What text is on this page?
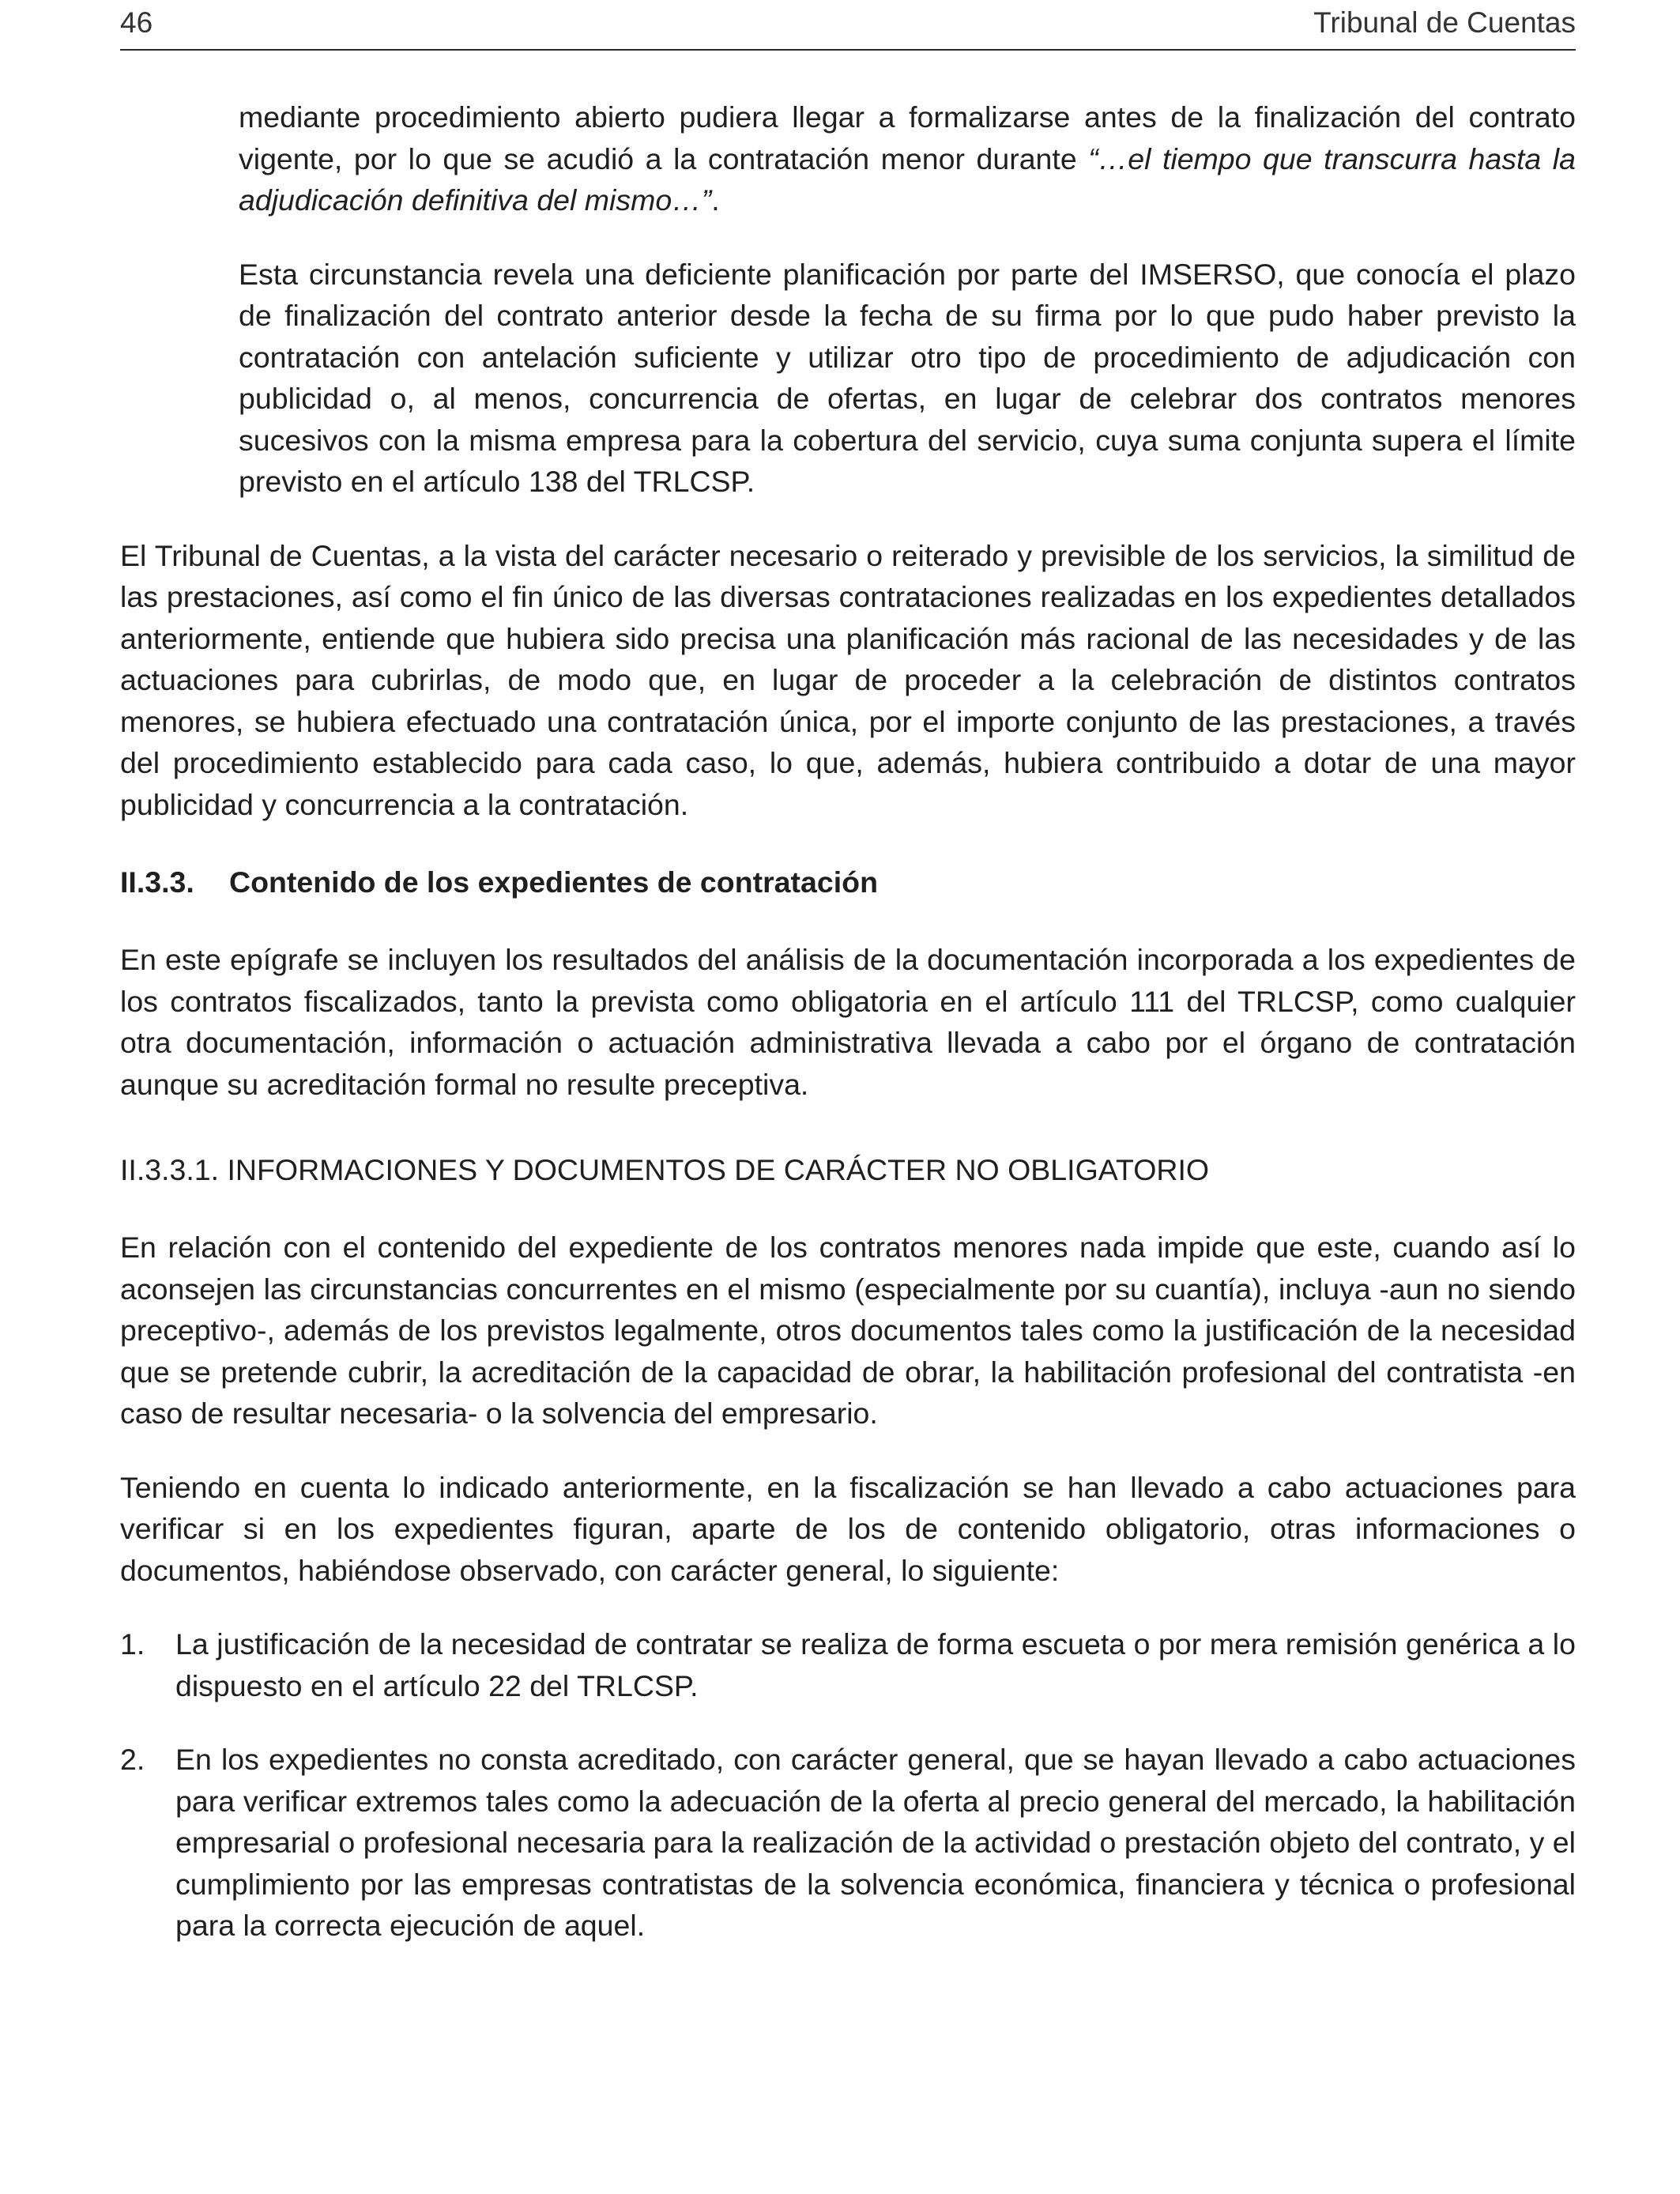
46	Tribunal de Cuentas

mediante procedimiento abierto pudiera llegar a formalizarse antes de la finalización del contrato vigente, por lo que se acudió a la contratación menor durante “…el tiempo que transcurra hasta la adjudicación definitiva del mismo…”.

Esta circunstancia revela una deficiente planificación por parte del IMSERSO, que conocía el plazo de finalización del contrato anterior desde la fecha de su firma por lo que pudo haber previsto la contratación con antelación suficiente y utilizar otro tipo de procedimiento de adjudicación con publicidad o, al menos, concurrencia de ofertas, en lugar de celebrar dos contratos menores sucesivos con la misma empresa para la cobertura del servicio, cuya suma conjunta supera el límite previsto en el artículo 138 del TRLCSP.

El Tribunal de Cuentas, a la vista del carácter necesario o reiterado y previsible de los servicios, la similitud de las prestaciones, así como el fin único de las diversas contrataciones realizadas en los expedientes detallados anteriormente, entiende que hubiera sido precisa una planificación más racional de las necesidades y de las actuaciones para cubrirlas, de modo que, en lugar de proceder a la celebración de distintos contratos menores, se hubiera efectuado una contratación única, por el importe conjunto de las prestaciones, a través del procedimiento establecido para cada caso, lo que, además, hubiera contribuido a dotar de una mayor publicidad y concurrencia a la contratación.

II.3.3. Contenido de los expedientes de contratación

En este epígrafe se incluyen los resultados del análisis de la documentación incorporada a los expedientes de los contratos fiscalizados, tanto la prevista como obligatoria en el artículo 111 del TRLCSP, como cualquier otra documentación, información o actuación administrativa llevada a cabo por el órgano de contratación aunque su acreditación formal no resulte preceptiva.

II.3.3.1. INFORMACIONES Y DOCUMENTOS DE CARÁCTER NO OBLIGATORIO

En relación con el contenido del expediente de los contratos menores nada impide que este, cuando así lo aconsejen las circunstancias concurrentes en el mismo (especialmente por su cuantía), incluya -aun no siendo preceptivo-, además de los previstos legalmente, otros documentos tales como la justificación de la necesidad que se pretende cubrir, la acreditación de la capacidad de obrar, la habilitación profesional del contratista -en caso de resultar necesaria- o la solvencia del empresario.

Teniendo en cuenta lo indicado anteriormente, en la fiscalización se han llevado a cabo actuaciones para verificar si en los expedientes figuran, aparte de los de contenido obligatorio, otras informaciones o documentos, habiéndose observado, con carácter general, lo siguiente:

1. La justificación de la necesidad de contratar se realiza de forma escueta o por mera remisión genérica a lo dispuesto en el artículo 22 del TRLCSP.

2. En los expedientes no consta acreditado, con carácter general, que se hayan llevado a cabo actuaciones para verificar extremos tales como la adecuación de la oferta al precio general del mercado, la habilitación empresarial o profesional necesaria para la realización de la actividad o prestación objeto del contrato, y el cumplimiento por las empresas contratistas de la solvencia económica, financiera y técnica o profesional para la correcta ejecución de aquel.
